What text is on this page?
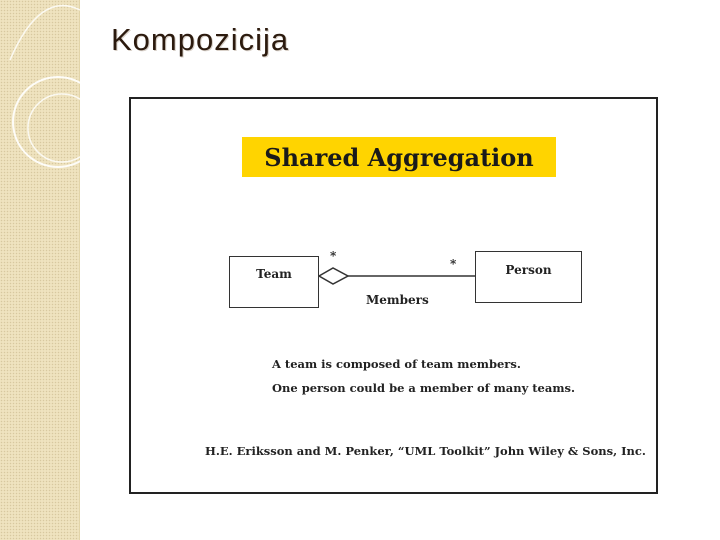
Kompozicija
Shared Aggregation
Team	Person
*
*
Members
A team is composed of team members.
One person could be a member of many teams.
H.E. Eriksson and M. Penker, “UML Toolkit” John Wiley & Sons, Inc.
